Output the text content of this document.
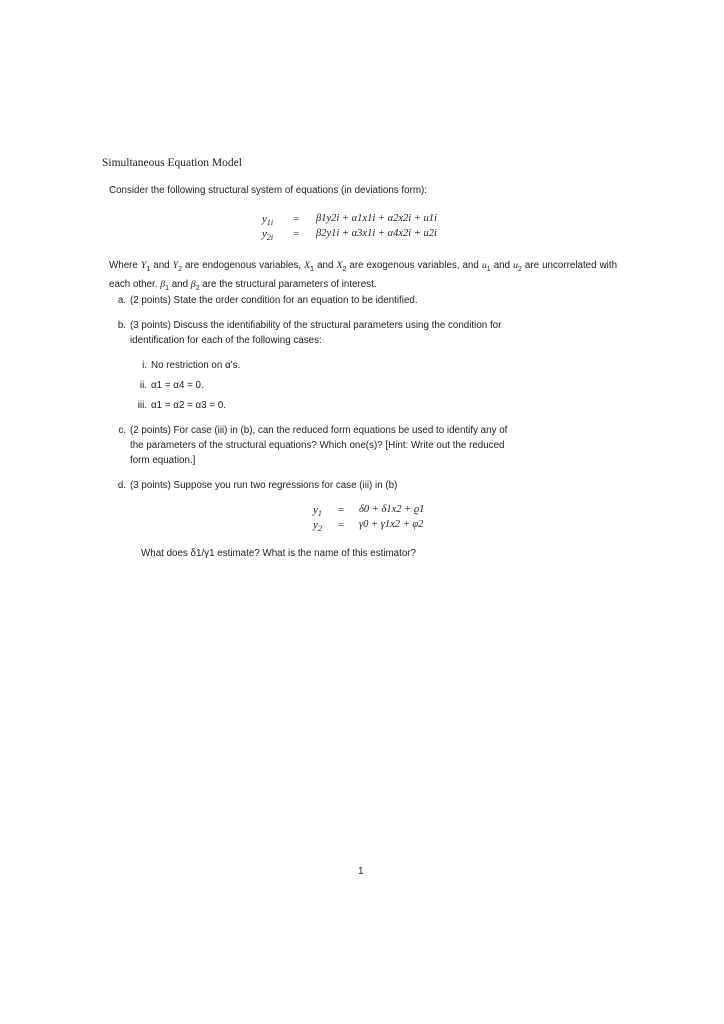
Simultaneous Equation Model
Consider the following structural system of equations (in deviations form):
$y_{1i} = \beta 1y2i + \alpha 1x1i + \alpha 2x2i + u1i$
$y_{2i} = \beta 2y1i + \alpha 3x1i + \alpha 4x2i + u2i$
Where $Y_1$ and $Y_2$ are endogenous variables, $X_1$ and $X_2$ are exogenous variables, and $u_1$ and $u_2$ are uncorrelated with each other. $\beta_1$ and $\beta_2$ are the structural parameters of interest.
a. (2 points) State the order condition for an equation to be identified.
b. (3 points) Discuss the identifiability of the structural parameters using the condition for
identification for each of the following cases:
i. No restriction on α's.
ii. α1 = α4 = 0.
iii. α1 = α2 = α3 = 0.
c. (2 points) For case (iii) in (b), can the reduced form equations be used to identify any of
the parameters of the structural equations? Which one(s)? [Hint: Write out the reduced
form equation.]
d. (3 points) Suppose you run two regressions for case (iii) in (b)
$y_1 = \delta 0 + \delta 1x2 + ϱ1$
$y_2 = \gamma 0 + \gamma 1x2 + \varphi 2$
What does δ1/γ1 estimate? What is the name of this estimator?
1
